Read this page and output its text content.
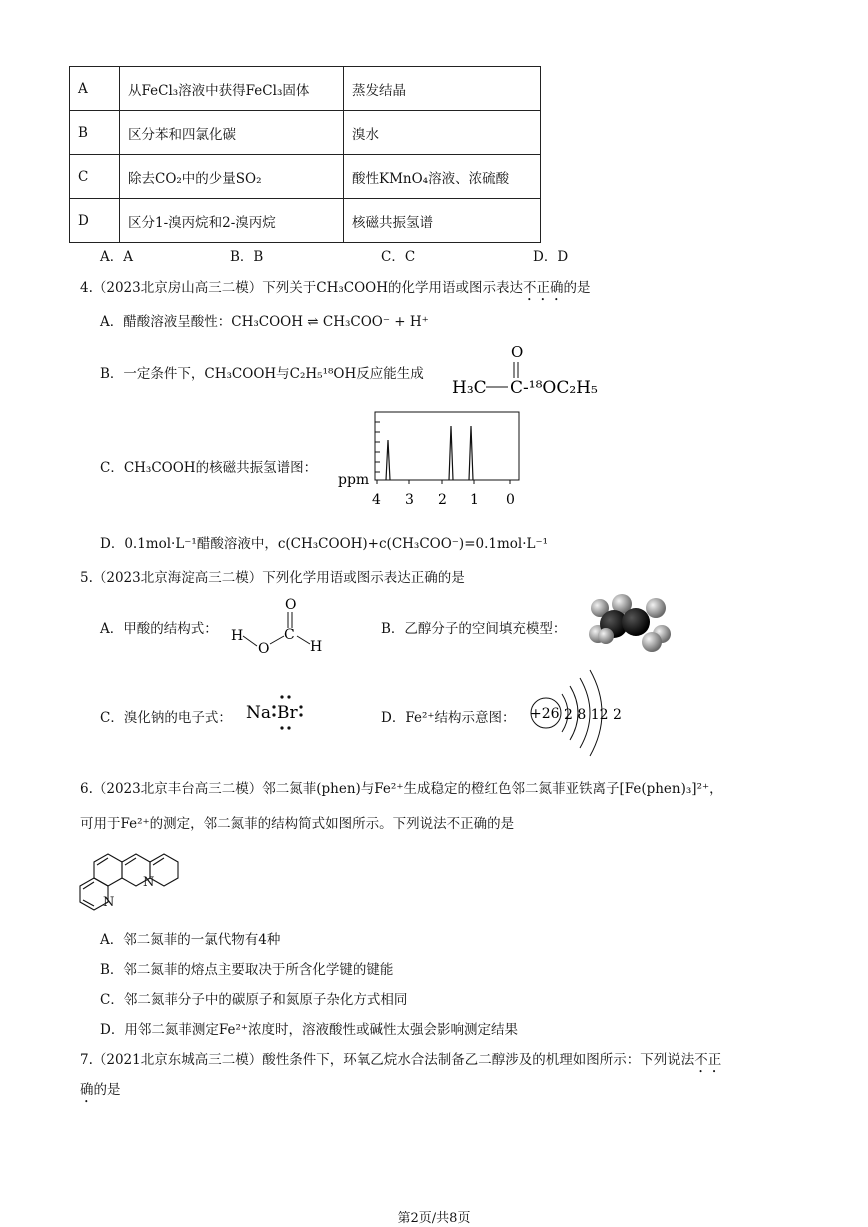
A	从FeCl₃溶液中获得FeCl₃固体	蒸发结晶
B	区分苯和四氯化碳	溴水
C	除去CO₂中的少量SO₂	酸性KMnO₄溶液、浓硫酸
D	区分1-溴丙烷和2-溴丙烷	核磁共振氢谱
A．A	B．B	C．C	D．D
4.（2023北京房山高三二模）下列关于CH₃COOH的化学用语或图示表达不正确的是
A．醋酸溶液呈酸性：CH₃COOH ⇌ CH₃COO⁻ + H⁺
B．一定条件下，CH₃COOH与C₂H₅¹⁸OH反应能生成
O
H₃C C-¹⁸OC₂H₅
C．CH₃COOH的核磁共振氢谱图：
ppm
4 3 2 1 0
D．0.1mol·L⁻¹醋酸溶液中，c(CH₃COOH)+c(CH₃COO⁻)=0.1mol·L⁻¹
5.（2023北京海淀高三二模）下列化学用语或图示表达正确的是
A．甲酸的结构式：
O
H
O
C
H
B．乙醇分子的空间填充模型：
C．溴化钠的电子式： Na Br	D．Fe²⁺结构示意图： +26 2 8 12 2
6.（2023北京丰台高三二模）邻二氮菲(phen)与Fe²⁺生成稳定的橙红色邻二氮菲亚铁离子[Fe(phen)₃]²⁺，
可用于Fe²⁺的测定，邻二氮菲的结构简式如图所示。下列说法不正确的是
N
N
A．邻二氮菲的一氯代物有4种
B．邻二氮菲的熔点主要取决于所含化学键的键能
C．邻二氮菲分子中的碳原子和氮原子杂化方式相同
D．用邻二氮菲测定Fe²⁺浓度时，溶液酸性或碱性太强会影响测定结果
7.（2021北京东城高三二模）酸性条件下，环氧乙烷水合法制备乙二醇涉及的机理如图所示：下列说法不正
确的是
第2页/共8页
